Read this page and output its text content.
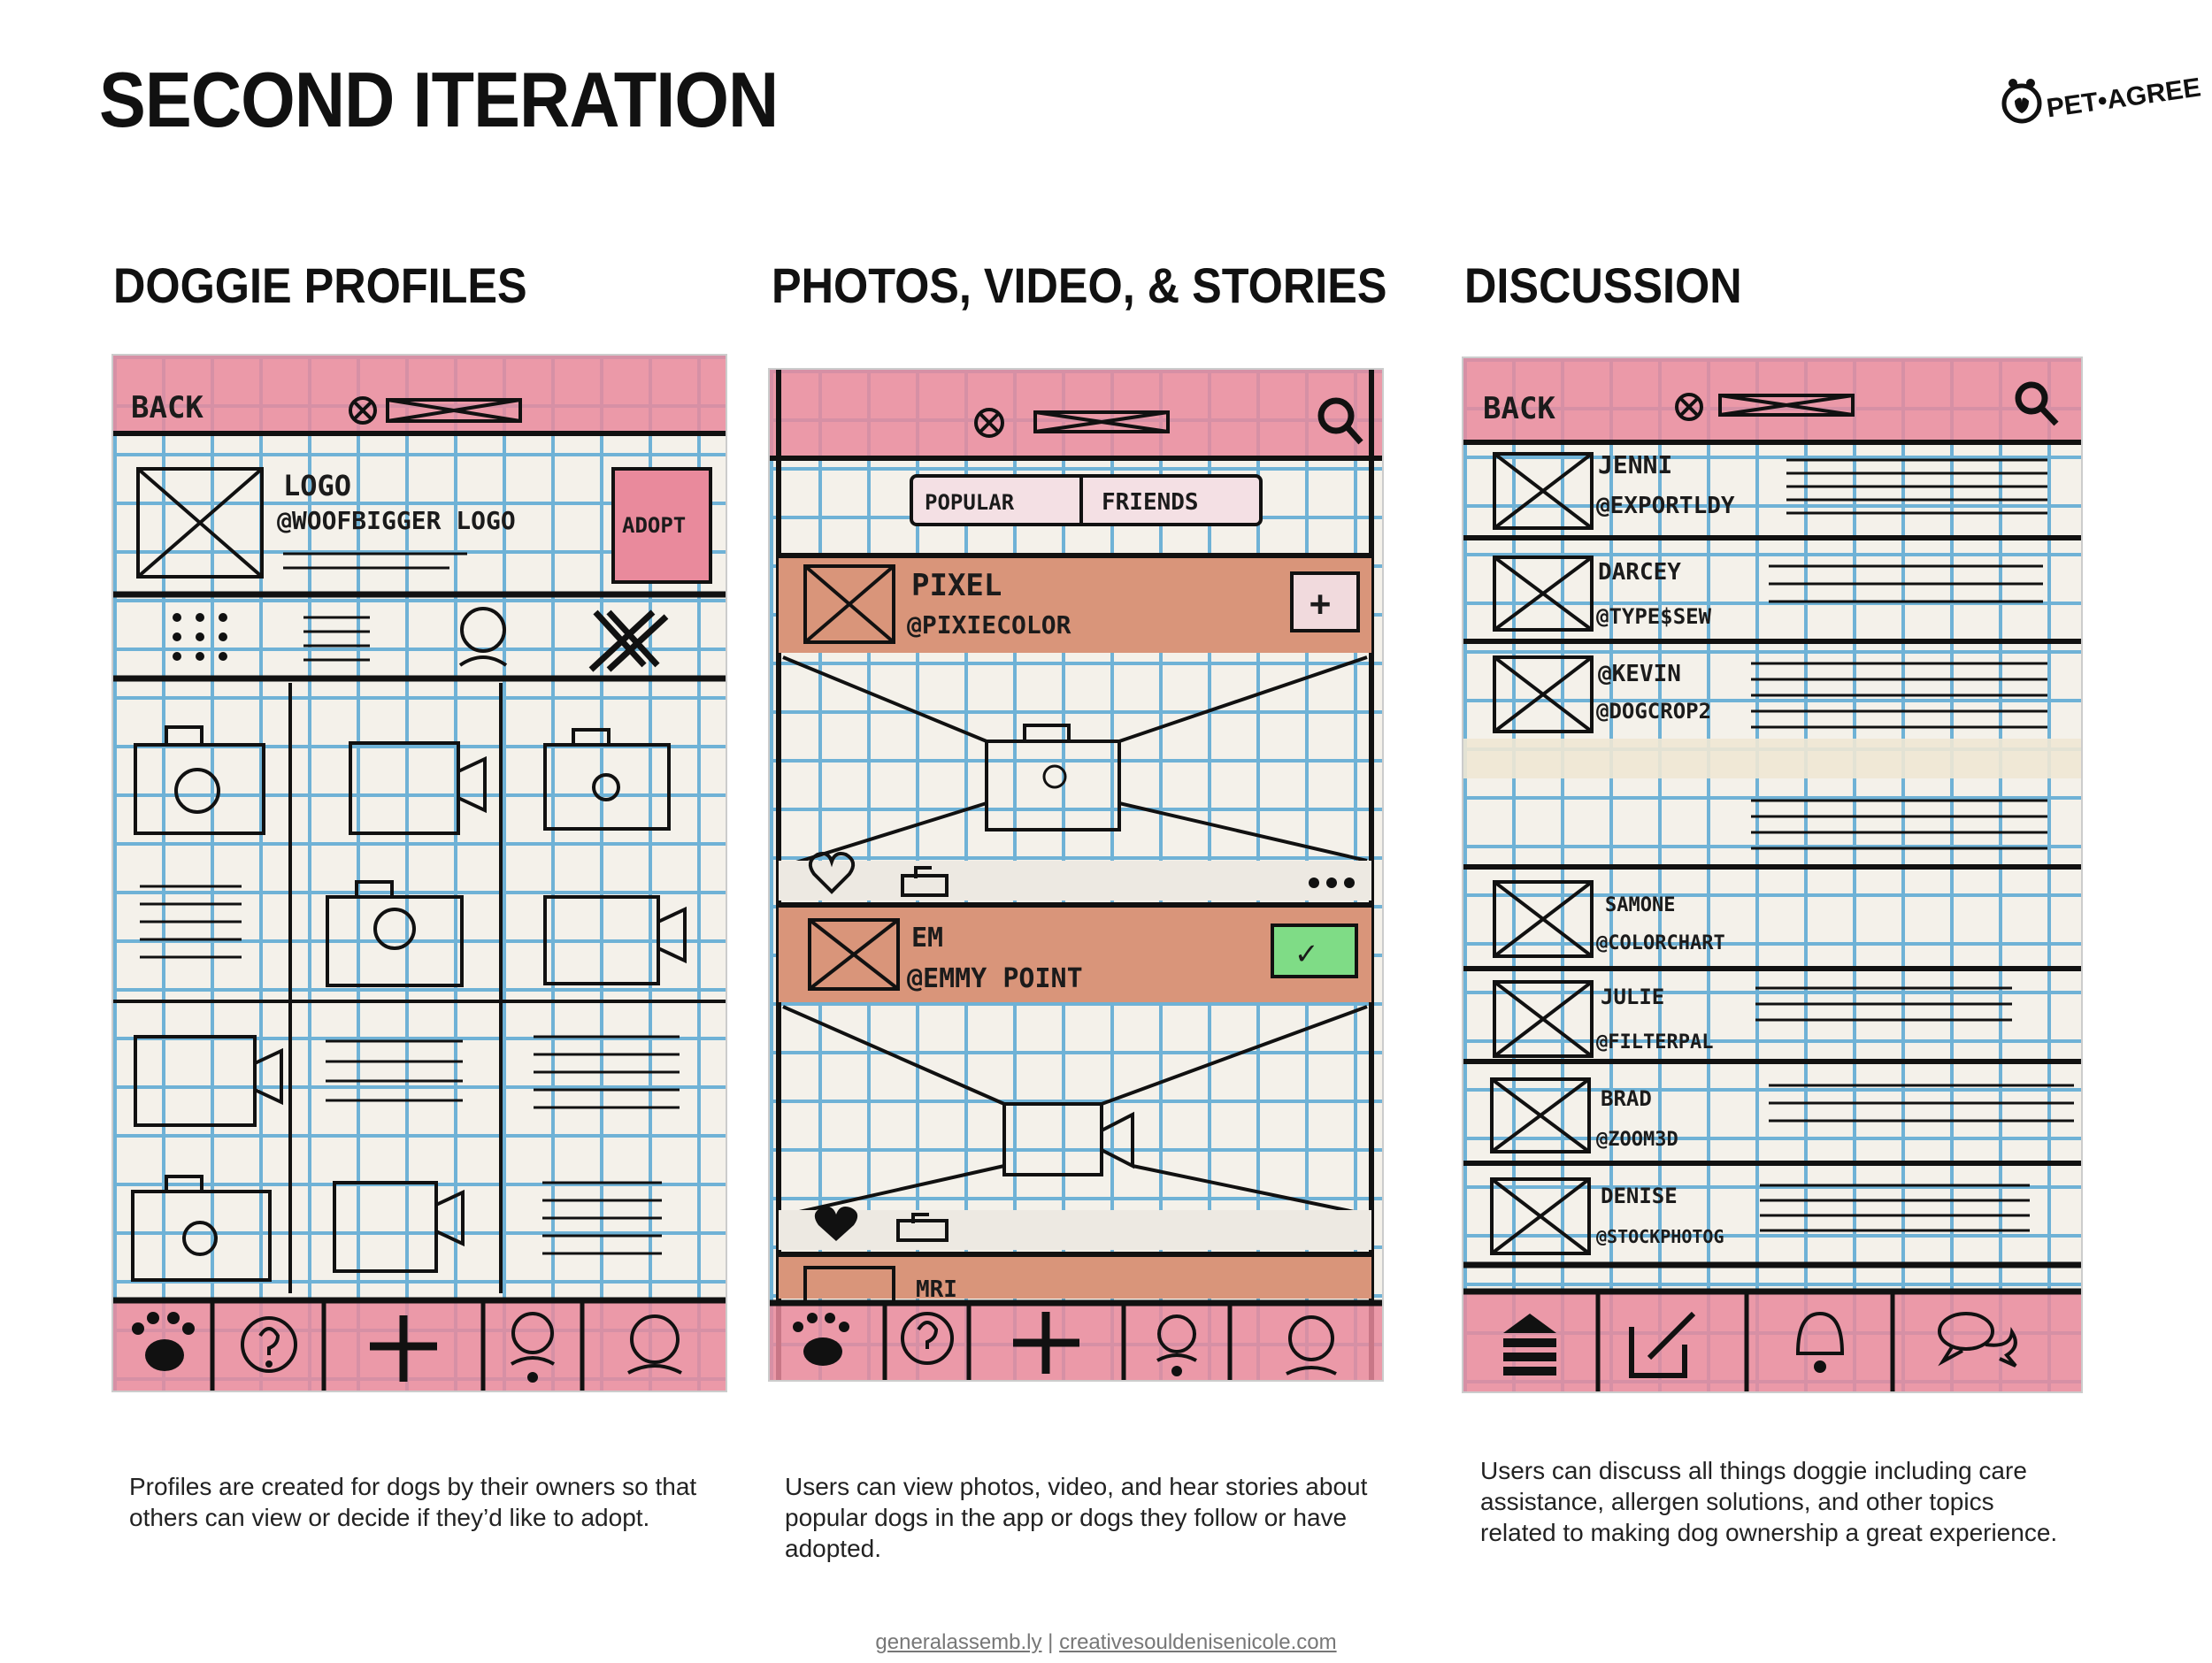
SECOND ITERATION	PET•AGREE
DOGGIE PROFILES	PHOTOS, VIDEO, & STORIES DISCUSSION
BACK
LOGO
@WOOFBIGGER LOGO	ADOPT
POPULAR	FRIENDS
PIXEL
@PIXIECOLOR
+
EM
@EMMY POINT
✓
MRI
BACK
JENNI
@EXPORTLDY
DARCEY
@TYPE$SEW
@KEVIN
@DOGCROP2
SAMONE
@COLORCHART
JULIE
@FILTERPAL
BRAD
@ZOOM3D
DENISE
@STOCKPHOTOG

Profiles are created for dogs by their owners so that others can view or decide if they’d like to adopt.

Users can view photos, video, and hear stories about popular dogs in the app or dogs they follow or have adopted.

Users can discuss all things doggie including care assistance, allergen solutions, and other topics related to making dog ownership a great experience.

generalassemb.ly | creativesouldenisenicole.com
